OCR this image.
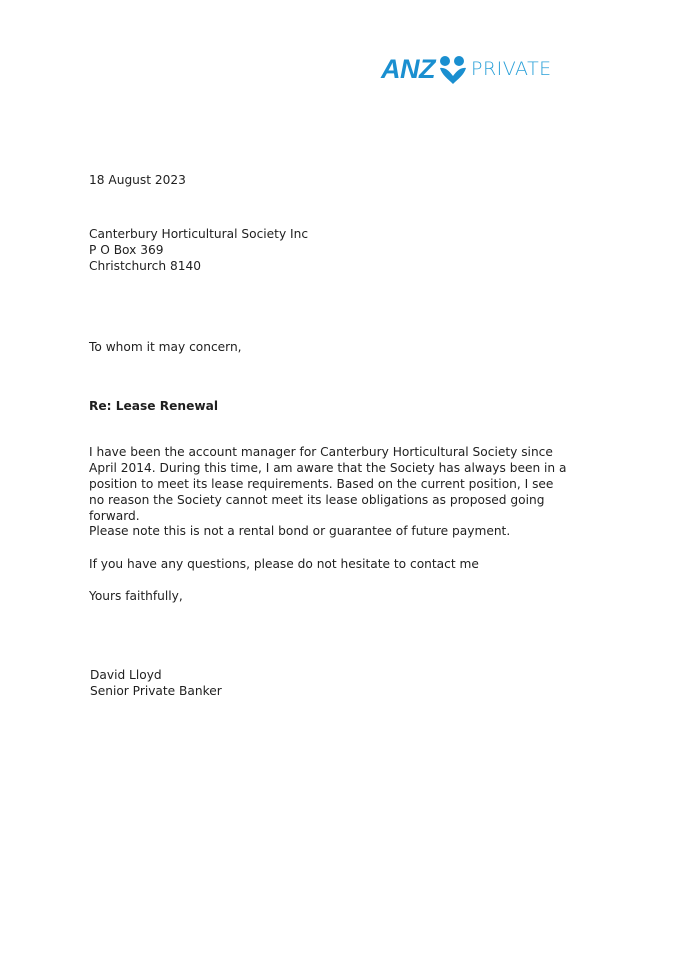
ANZ PRIVATE
18 August 2023
Canterbury Horticultural Society Inc
P O Box 369
Christchurch 8140
To whom it may concern,
Re: Lease Renewal
I have been the account manager for Canterbury Horticultural Society since April 2014. During this time, I am aware that the Society has always been in a position to meet its lease requirements. Based on the current position, I see no reason the Society cannot meet its lease obligations as proposed going forward.
Please note this is not a rental bond or guarantee of future payment.
If you have any questions, please do not hesitate to contact me
Yours faithfully,
David Lloyd
Senior Private Banker
